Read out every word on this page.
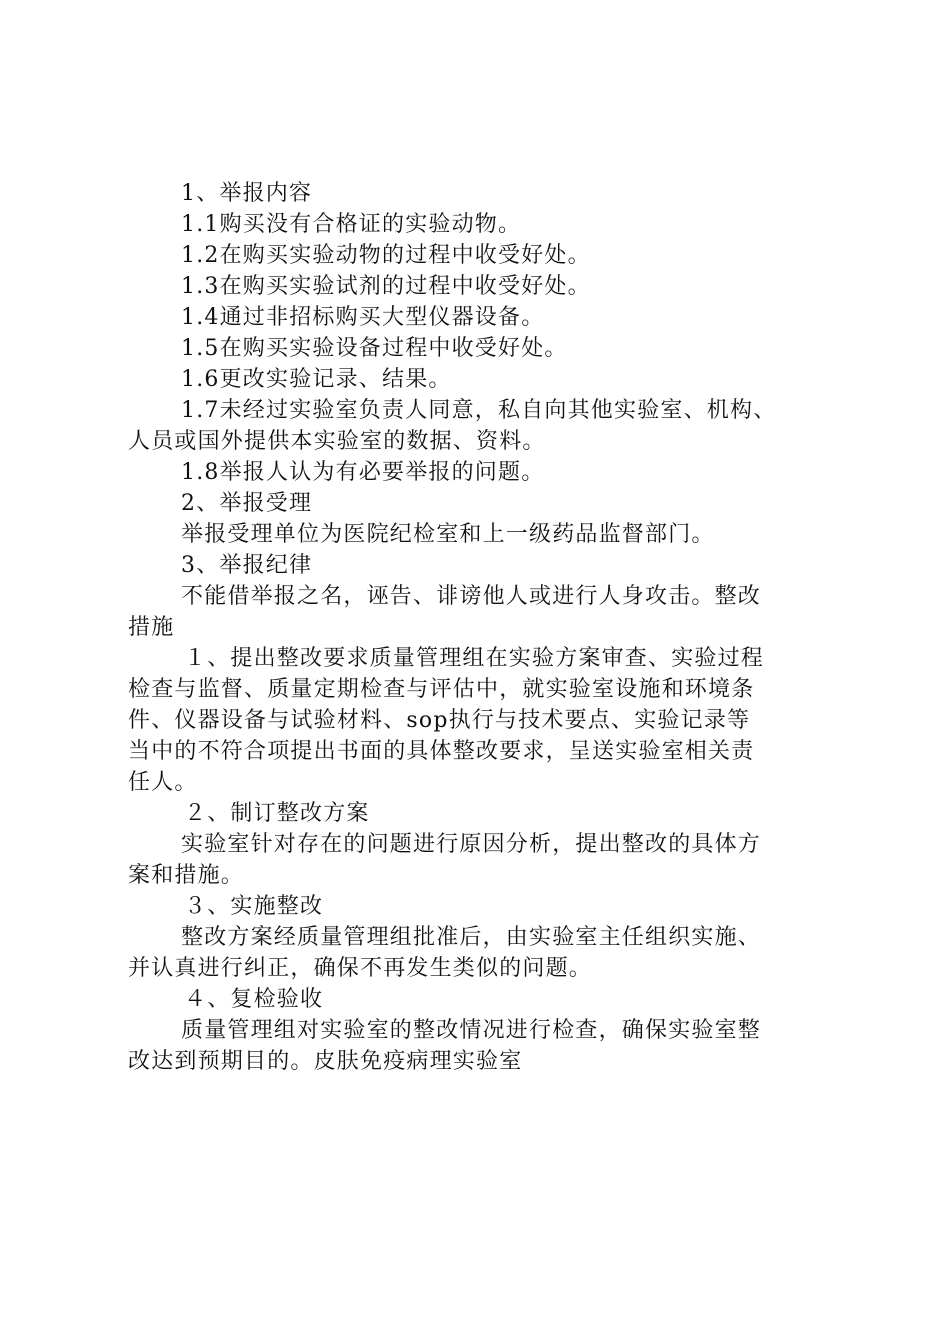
1、举报内容
1.1购买没有合格证的实验动物。
1.2在购买实验动物的过程中收受好处。
1.3在购买实验试剂的过程中收受好处。
1.4通过非招标购买大型仪器设备。
1.5在购买实验设备过程中收受好处。
1.6更改实验记录、结果。
1.7未经过实验室负责人同意，私自向其他实验室、机构、
人员或国外提供本实验室的数据、资料。
1.8举报人认为有必要举报的问题。
2、举报受理
举报受理单位为医院纪检室和上一级药品监督部门。
3、举报纪律
不能借举报之名，诬告、诽谤他人或进行人身攻击。整改
措施
１、提出整改要求质量管理组在实验方案审查、实验过程
检查与监督、质量定期检查与评估中，就实验室设施和环境条
件、仪器设备与试验材料、sop执行与技术要点、实验记录等
当中的不符合项提出书面的具体整改要求，呈送实验室相关责
任人。
２、制订整改方案
实验室针对存在的问题进行原因分析，提出整改的具体方
案和措施。
３、实施整改
整改方案经质量管理组批准后，由实验室主任组织实施、
并认真进行纠正，确保不再发生类似的问题。
４、复检验收
质量管理组对实验室的整改情况进行检查，确保实验室整
改达到预期目的。皮肤免疫病理实验室
